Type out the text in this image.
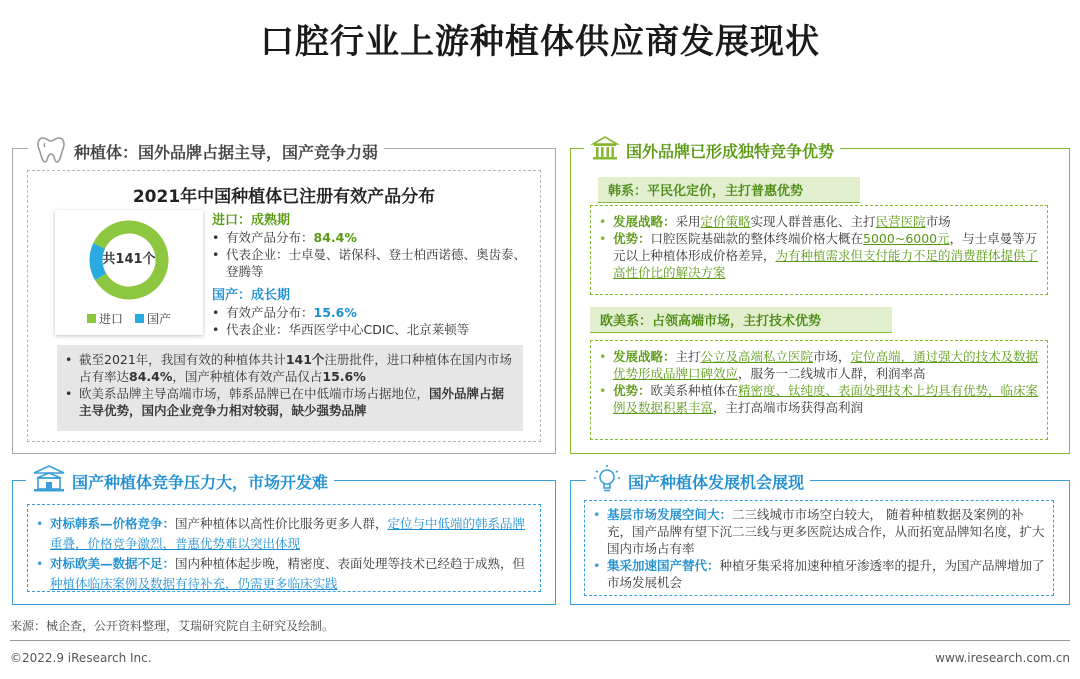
口腔行业上游种植体供应商发展现状
种植体：国外品牌占据主导，国产竞争力弱
2021年中国种植体已注册有效产品分布
共141个
进口 国产
进口：成熟期
• 有效产品分布：84.4%
• 代表企业：士卓曼、诺保科、登士柏西诺德、奥齿泰、登腾等
国产：成长期
• 有效产品分布：15.6%
• 代表企业：华西医学中心CDIC、北京莱顿等
• 截至2021年，我国有效的种植体共计141个注册批件，进口种植体在国内市场占有率达84.4%，国产种植体有效产品仅占15.6%
• 欧美系品牌主导高端市场，韩系品牌已在中低端市场占据地位，国外品牌占据主导优势，国内企业竞争力相对较弱，缺少强势品牌
国外品牌已形成独特竞争优势
韩系：平民化定价，主打普惠优势
• 发展战略：采用定价策略实现人群普惠化、主打民营医院市场
• 优势：口腔医院基础款的整体终端价格大概在5000~6000元，与士卓曼等万元以上种植体形成价格差异，为有种植需求但支付能力不足的消费群体提供了高性价比的解决方案
欧美系：占领高端市场，主打技术优势
• 发展战略：主打公立及高端私立医院市场，定位高端，通过强大的技术及数据优势形成品牌口碑效应，服务一二线城市人群，利润率高
• 优势：欧美系种植体在精密度、钛纯度、表面处理技术上均具有优势，临床案例及数据积累丰富，主打高端市场获得高利润
国产种植体竞争压力大，市场开发难
• 对标韩系—价格竞争：国产种植体以高性价比服务更多人群，定位与中低端的韩系品牌重叠，价格竞争激烈，普惠优势难以突出体现
• 对标欧美—数据不足：国内种植体起步晚，精密度、表面处理等技术已经趋于成熟，但种植体临床案例及数据有待补充，仍需更多临床实践
国产种植体发展机会展现
• 基层市场发展空间大：二三线城市市场空白较大， 随着种植数据及案例的补充，国产品牌有望下沉二三线与更多医院达成合作，从而拓宽品牌知名度，扩大国内市场占有率
• 集采加速国产替代：种植牙集采将加速种植牙渗透率的提升，为国产品牌增加了市场发展机会
来源：械企查，公开资料整理，艾瑞研究院自主研究及绘制。
©2022.9 iResearch Inc.	www.iresearch.com.cn
